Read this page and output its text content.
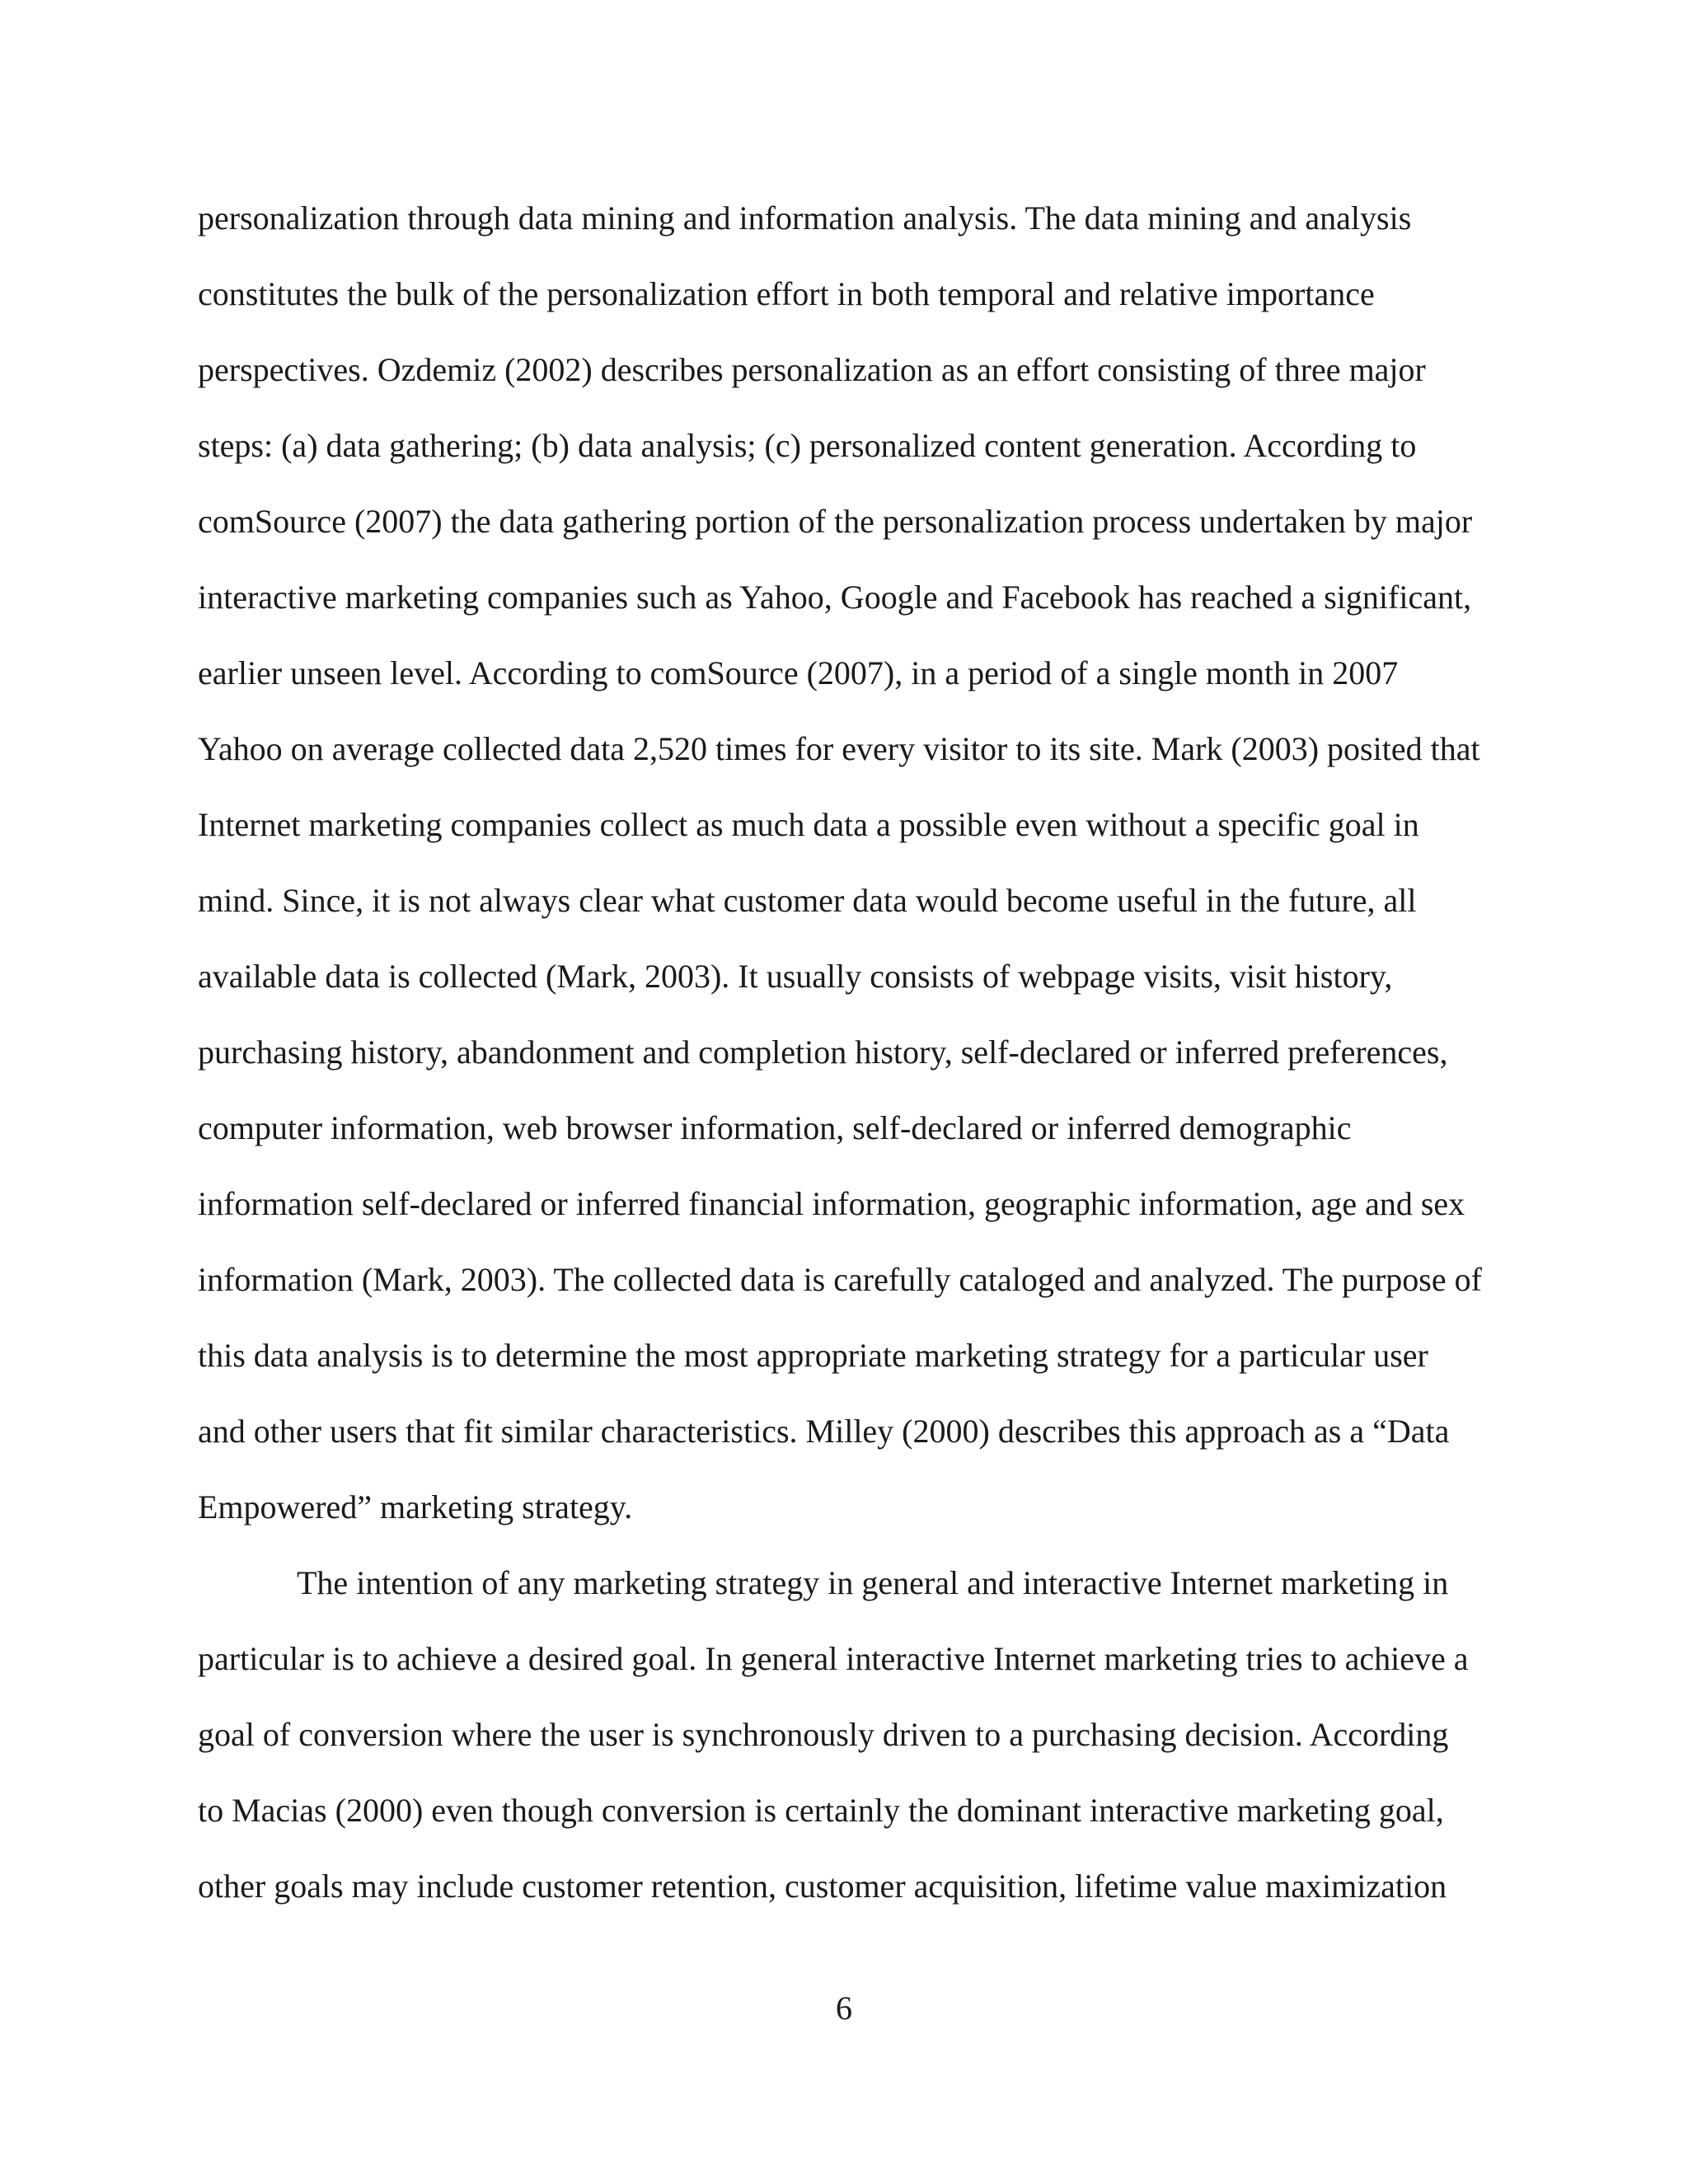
personalization through data mining and information analysis. The data mining and analysis
constitutes the bulk of the personalization effort in both temporal and relative importance
perspectives. Ozdemiz (2002) describes personalization as an effort consisting of three major
steps: (a) data gathering; (b) data analysis; (c) personalized content generation. According to
comSource (2007) the data gathering portion of the personalization process undertaken by major
interactive marketing companies such as Yahoo, Google and Facebook has reached a significant,
earlier unseen level. According to comSource (2007), in a period of a single month in 2007
Yahoo on average collected data 2,520 times for every visitor to its site. Mark (2003) posited that
Internet marketing companies collect as much data a possible even without a specific goal in
mind. Since, it is not always clear what customer data would become useful in the future, all
available data is collected (Mark, 2003). It usually consists of webpage visits, visit history,
purchasing history, abandonment and completion history, self-declared or inferred preferences,
computer information, web browser information, self-declared or inferred demographic
information self-declared or inferred financial information, geographic information, age and sex
information (Mark, 2003). The collected data is carefully cataloged and analyzed. The purpose of
this data analysis is to determine the most appropriate marketing strategy for a particular user
and other users that fit similar characteristics. Milley (2000) describes this approach as a “Data
Empowered” marketing strategy.
The intention of any marketing strategy in general and interactive Internet marketing in
particular is to achieve a desired goal. In general interactive Internet marketing tries to achieve a
goal of conversion where the user is synchronously driven to a purchasing decision. According
to Macias (2000) even though conversion is certainly the dominant interactive marketing goal,
other goals may include customer retention, customer acquisition, lifetime value maximization
6
